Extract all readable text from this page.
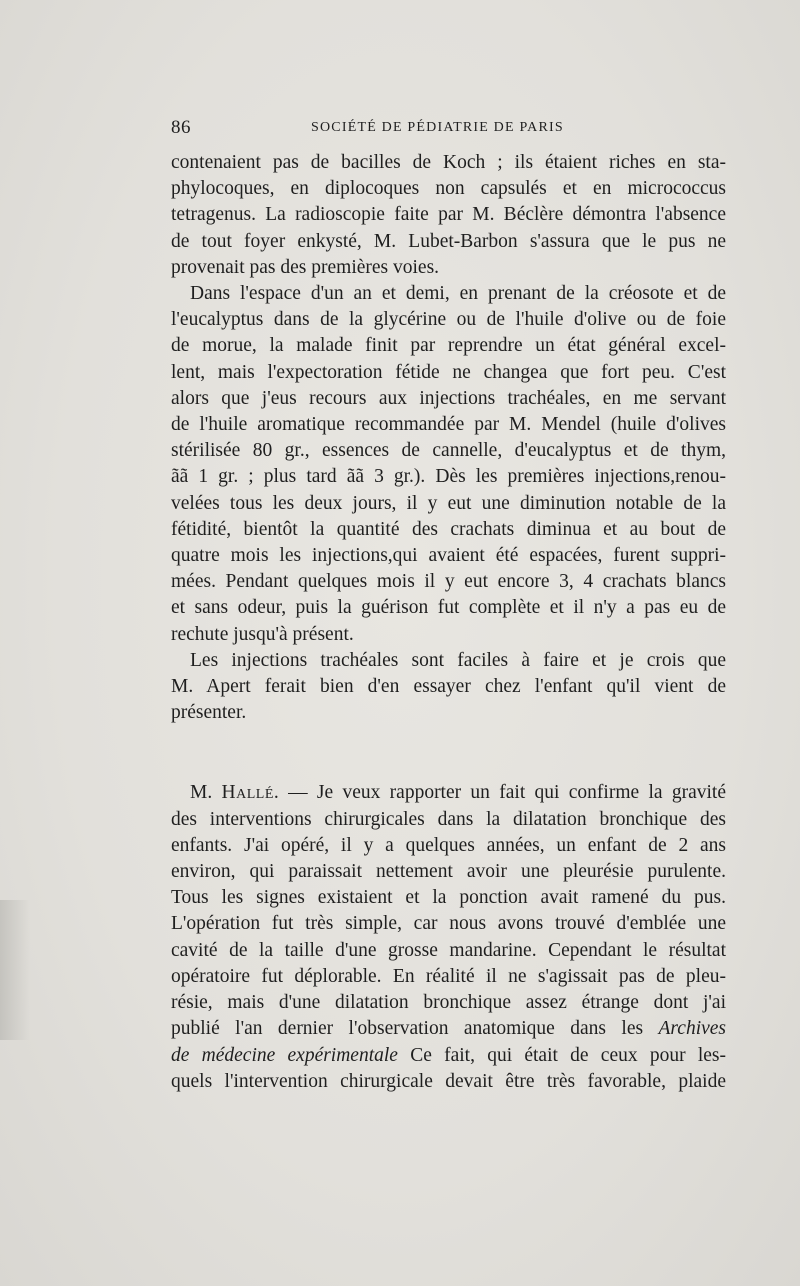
86	SOCIÉTÉ DE PÉDIATRIE DE PARIS
contenaient pas de bacilles de Koch ; ils étaient riches en sta-
phylocoques, en diplocoques non capsulés et en micrococcus
tetragenus. La radioscopie faite par M. Béclère démontra l'absence
de tout foyer enkysté, M. Lubet-Barbon s'assura que le pus ne
provenait pas des premières voies.
Dans l'espace d'un an et demi, en prenant de la créosote et de
l'eucalyptus dans de la glycérine ou de l'huile d'olive ou de foie
de morue, la malade finit par reprendre un état général excel-
lent, mais l'expectoration fétide ne changea que fort peu. C'est
alors que j'eus recours aux injections trachéales, en me servant
de l'huile aromatique recommandée par M. Mendel (huile d'olives
stérilisée 80 gr., essences de cannelle, d'eucalyptus et de thym,
ãã 1 gr. ; plus tard ãã 3 gr.). Dès les premières injections,renou-
velées tous les deux jours, il y eut une diminution notable de la
fétidité, bientôt la quantité des crachats diminua et au bout de
quatre mois les injections,qui avaient été espacées, furent suppri-
mées. Pendant quelques mois il y eut encore 3, 4 crachats blancs
et sans odeur, puis la guérison fut complète et il n'y a pas eu de
rechute jusqu'à présent.
Les injections trachéales sont faciles à faire et je crois que
M. Apert ferait bien d'en essayer chez l'enfant qu'il vient de
présenter.
M. Hallé. — Je veux rapporter un fait qui confirme la gravité
des interventions chirurgicales dans la dilatation bronchique des
enfants. J'ai opéré, il y a quelques années, un enfant de 2 ans
environ, qui paraissait nettement avoir une pleurésie purulente.
Tous les signes existaient et la ponction avait ramené du pus.
L'opération fut très simple, car nous avons trouvé d'emblée une
cavité de la taille d'une grosse mandarine. Cependant le résultat
opératoire fut déplorable. En réalité il ne s'agissait pas de pleu-
résie, mais d'une dilatation bronchique assez étrange dont j'ai
publié l'an dernier l'observation anatomique dans les Archives
de médecine expérimentale Ce fait, qui était de ceux pour les-
quels l'intervention chirurgicale devait être très favorable, plaide
